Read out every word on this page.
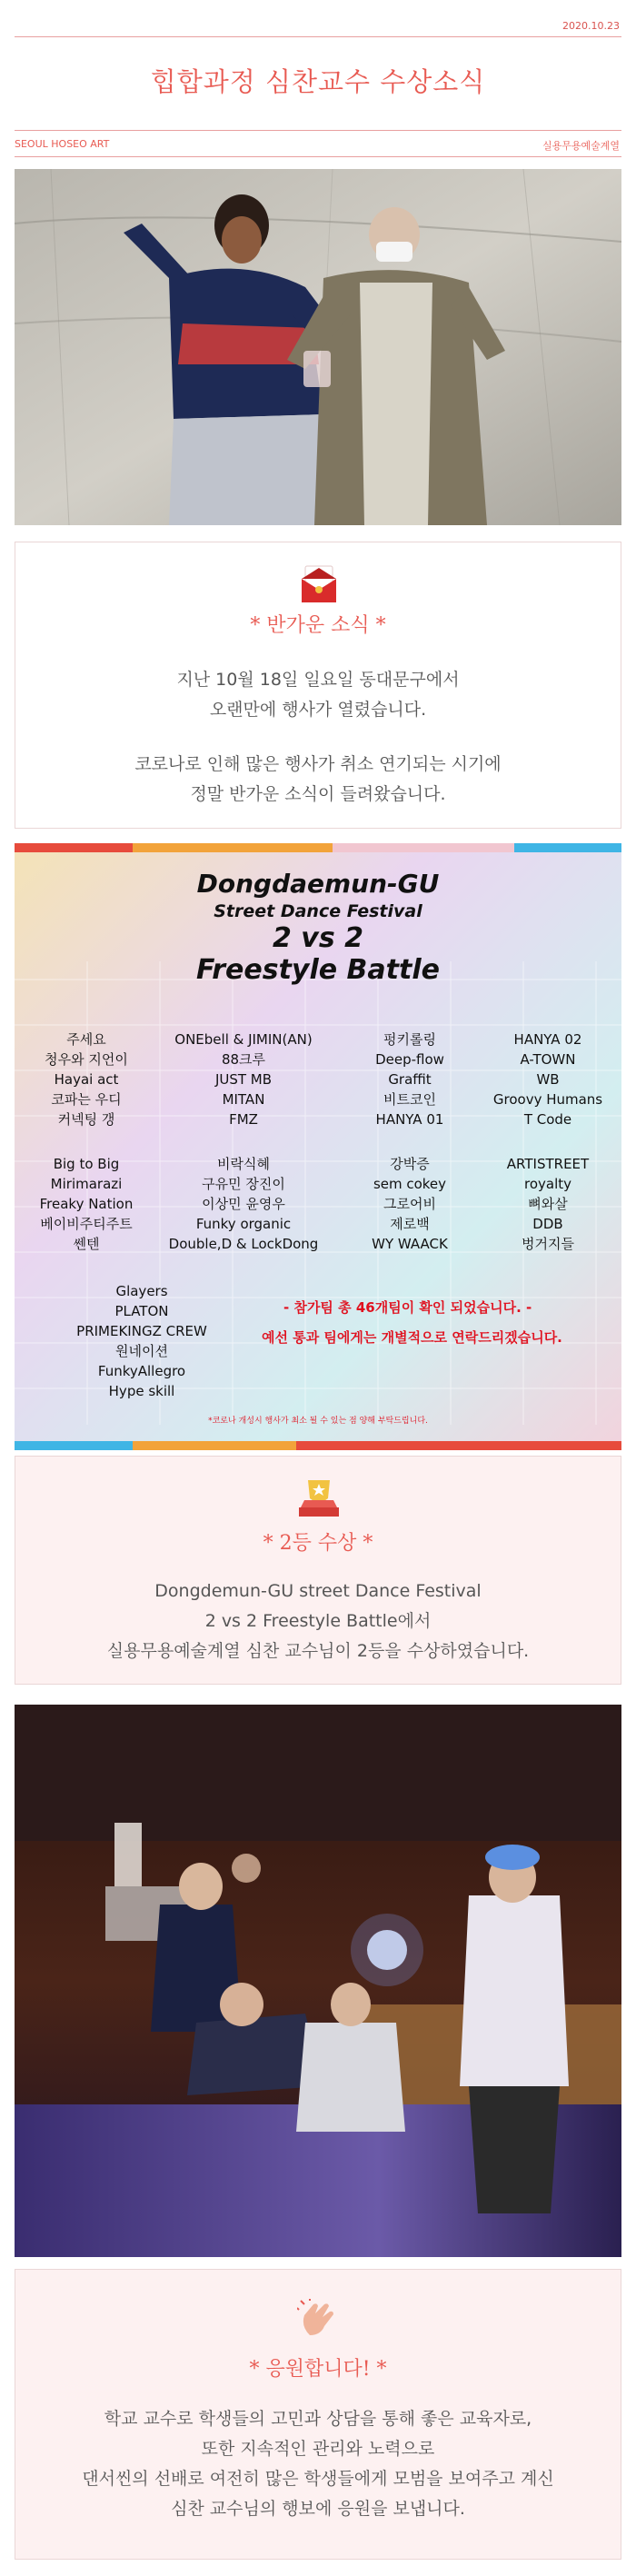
2020.10.23
힙합과정 심찬교수 수상소식
SEOUL HOSEO ART	실용무용예술계열
* 반가운 소식 *
지난 10월 18일 일요일 동대문구에서
오랜만에 행사가 열렸습니다.
코로나로 인해 많은 행사가 취소 연기되는 시기에
정말 반가운 소식이 들려왔습니다.
Dongdaemun-GU
Street Dance Festival
2 vs 2
Freestyle Battle
주세요
청우와 지언이
Hayai act
코파는 우디
커넥팅 갱
ONEbell & JIMIN(AN)
88크루
JUST MB
MITAN
FMZ
펑키롤링
Deep-flow
Graffit
비트코인
HANYA 01
HANYA 02
A-TOWN
WB
Groovy Humans
T Code
Big to Big
Mirimarazi
Freaky Nation
베이비주티주트
쎈텐
비락식혜
구유민 장진이
이상민 윤영우
Funky organic
Double,D & LockDong
강박증
sem cokey
그로어비
제로백
WY WAACK
ARTISTREET
royalty
뼈와살
DDB
벙거지들
Glayers
PLATON
PRIMEKINGZ CREW
원네이션
FunkyAllegro
Hype skill
- 참가팀 총 46개팀이 확인 되었습니다. -
예선 통과 팀에게는 개별적으로 연락드리겠습니다.
*코로나 개성시 행사가 최소 될 수 있는 점 양해 부탁드립니다.
* 2등 수상 *
Dongdemun-GU street Dance Festival
2 vs 2 Freestyle Battle에서
실용무용예술계열 심찬 교수님이 2등을 수상하였습니다.
* 응원합니다! *
학교 교수로 학생들의 고민과 상담을 통해 좋은 교육자로,
또한 지속적인 관리와 노력으로
댄서씬의 선배로 여전히 많은 학생들에게 모범을 보여주고 계신
심찬 교수님의 행보에 응원을 보냅니다.
